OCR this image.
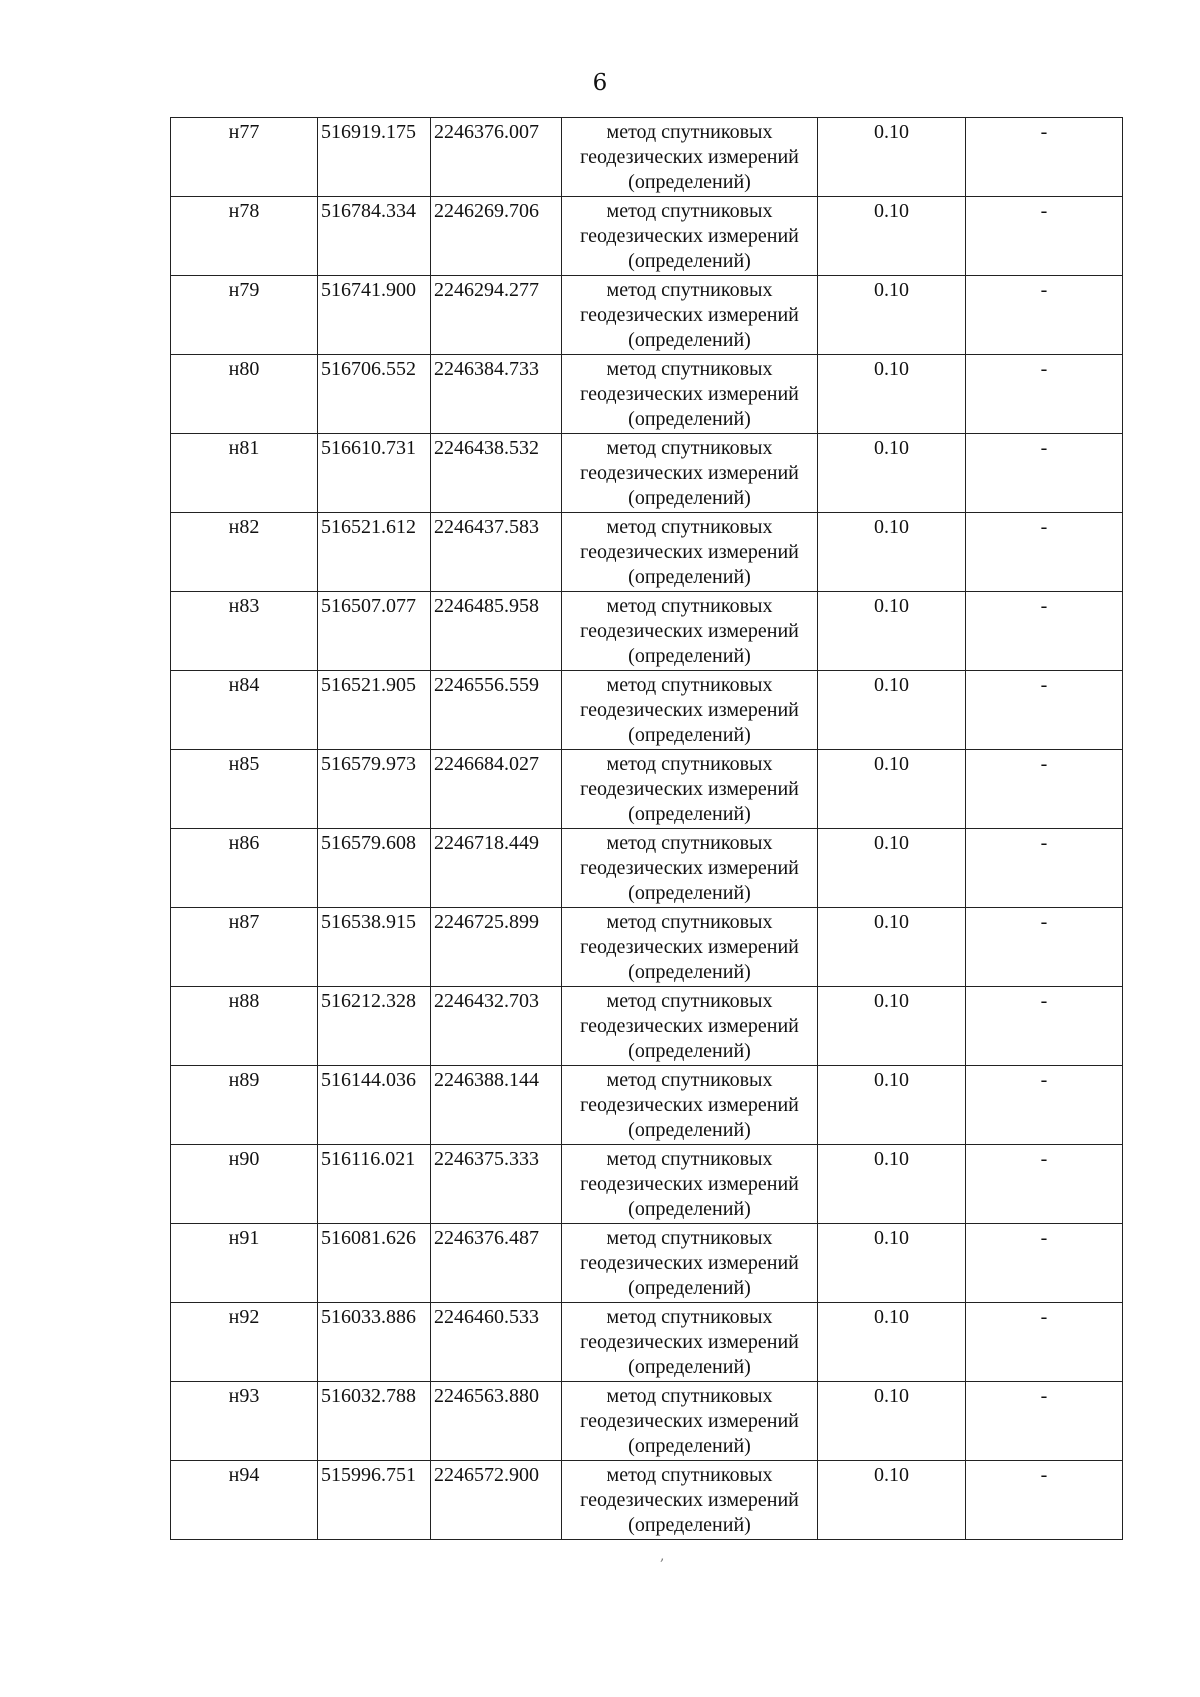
6
н77	516919.175	2246376.007	метод спутниковых
геодезических измерений
(определений)	0.10	-
н78	516784.334	2246269.706	метод спутниковых
геодезических измерений
(определений)	0.10	-
н79	516741.900	2246294.277	метод спутниковых
геодезических измерений
(определений)	0.10	-
н80	516706.552	2246384.733	метод спутниковых
геодезических измерений
(определений)	0.10	-
н81	516610.731	2246438.532	метод спутниковых
геодезических измерений
(определений)	0.10	-
н82	516521.612	2246437.583	метод спутниковых
геодезических измерений
(определений)	0.10	-
н83	516507.077	2246485.958	метод спутниковых
геодезических измерений
(определений)	0.10	-
н84	516521.905	2246556.559	метод спутниковых
геодезических измерений
(определений)	0.10	-
н85	516579.973	2246684.027	метод спутниковых
геодезических измерений
(определений)	0.10	-
н86	516579.608	2246718.449	метод спутниковых
геодезических измерений
(определений)	0.10	-
н87	516538.915	2246725.899	метод спутниковых
геодезических измерений
(определений)	0.10	-
н88	516212.328	2246432.703	метод спутниковых
геодезических измерений
(определений)	0.10	-
н89	516144.036	2246388.144	метод спутниковых
геодезических измерений
(определений)	0.10	-
н90	516116.021	2246375.333	метод спутниковых
геодезических измерений
(определений)	0.10	-
н91	516081.626	2246376.487	метод спутниковых
геодезических измерений
(определений)	0.10	-
н92	516033.886	2246460.533	метод спутниковых
геодезических измерений
(определений)	0.10	-
н93	516032.788	2246563.880	метод спутниковых
геодезических измерений
(определений)	0.10	-
н94	515996.751	2246572.900	метод спутниковых
геодезических измерений
(определений)	0.10	-
,
